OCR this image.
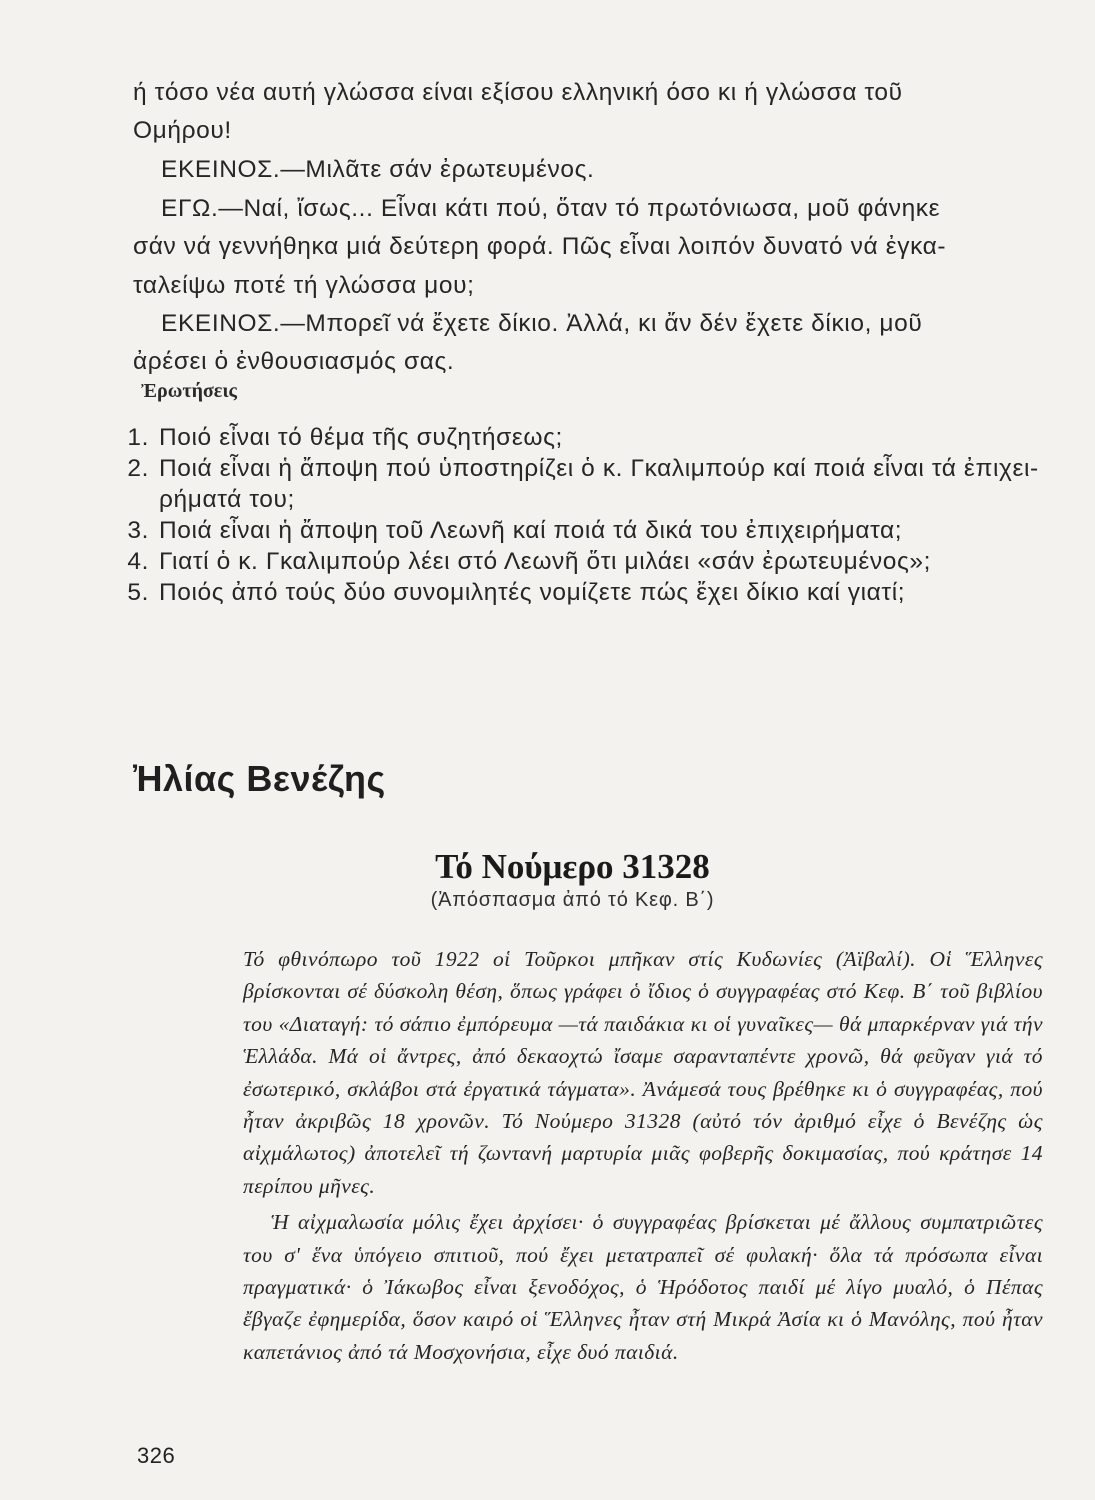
ή τόσο νέα αυτή γλώσσα είναι εξίσου ελληνική όσο κι ή γλώσσα τοῦ
Ομήρου!
ΕΚΕΙΝΟΣ.—Μιλᾶτε σάν ἐρωτευμένος.
ΕΓΩ.—Ναί, ἴσως... Εἶναι κάτι πού, ὅταν τό πρωτόνιωσα, μοῦ φάνηκε
σάν νά γεννήθηκα μιά δεύτερη φορά. Πῶς εἶναι λοιπόν δυνατό νά ἐγκα-
ταλείψω ποτέ τή γλώσσα μου;
ΕΚΕΙΝΟΣ.—Μπορεῖ νά ἔχετε δίκιο. Ἀλλά, κι ἄν δέν ἔχετε δίκιο, μοῦ
ἀρέσει ὁ ἐνθουσιασμός σας.
Ἐρωτήσεις
1. Ποιό εἶναι τό θέμα τῆς συζητήσεως;
2. Ποιά εἶναι ἡ ἄποψη πού ὑποστηρίζει ὁ κ. Γκαλιμπούρ καί ποιά εἶναι τά ἐπιχει-
ρήματά του;
3. Ποιά εἶναι ἡ ἄποψη τοῦ Λεωνῆ καί ποιά τά δικά του ἐπιχειρήματα;
4. Γιατί ὁ κ. Γκαλιμπούρ λέει στό Λεωνῆ ὅτι μιλάει «σάν ἐρωτευμένος»;
5. Ποιός ἀπό τούς δύο συνομιλητές νομίζετε πώς ἔχει δίκιο καί γιατί;
Ἠλίας Βενέζης
Τό Νούμερο 31328
(Ἀπόσπασμα ἀπό τό Κεφ. Β΄)

Τό φθινόπωρο τοῦ 1922 οἱ Τοῦρκοι μπῆκαν στίς Κυδωνίες (Ἀϊβαλί). Οἱ Ἕλληνες βρίσκονται σέ δύσκολη θέση, ὅπως γράφει ὁ ἴδιος ὁ συγγραφέας στό Κεφ. Β΄ τοῦ βιβλίου του «Διαταγή: τό σάπιο ἐμπόρευμα —τά παιδάκια κι οἱ γυναῖκες— θά μπαρκέρναν γιά τήν Ἑλλάδα. Μά οἱ ἄντρες, ἀπό δεκαοχτώ ἴσαμε σαρανταπέντε χρονῶ, θά φεῦγαν γιά τό ἐσωτερικό, σκλάβοι στά ἐργατικά τάγματα». Ἀνάμεσά τους βρέθηκε κι ὁ συγγραφέας, πού ἦταν ἀκριβῶς 18 χρονῶν. Τό Νούμερο 31328 (αὐτό τόν ἀριθμό εἶχε ὁ Βενέζης ὡς αἰχμάλωτος) ἀποτελεῖ τή ζωντανή μαρτυρία μιᾶς φοβερῆς δοκιμασίας, πού κράτησε 14 περίπου μῆνες.

Ἡ αἰχμαλωσία μόλις ἔχει ἀρχίσει· ὁ συγγραφέας βρίσκεται μέ ἄλλους συμπατριῶτες του σ' ἕνα ὑπόγειο σπιτιοῦ, πού ἔχει μετατραπεῖ σέ φυλακή· ὅλα τά πρόσωπα εἶναι πραγματικά· ὁ Ἰάκωβος εἶναι ξενοδόχος, ὁ Ἡρόδοτος παιδί μέ λίγο μυαλό, ὁ Πέπας ἔβγαζε ἐφημερίδα, ὅσον καιρό οἱ Ἕλληνες ἦταν στή Μικρά Ἀσία κι ὁ Μανόλης, πού ἦταν καπετάνιος ἀπό τά Μοσχονήσια, εἶχε δυό παιδιά.

326
